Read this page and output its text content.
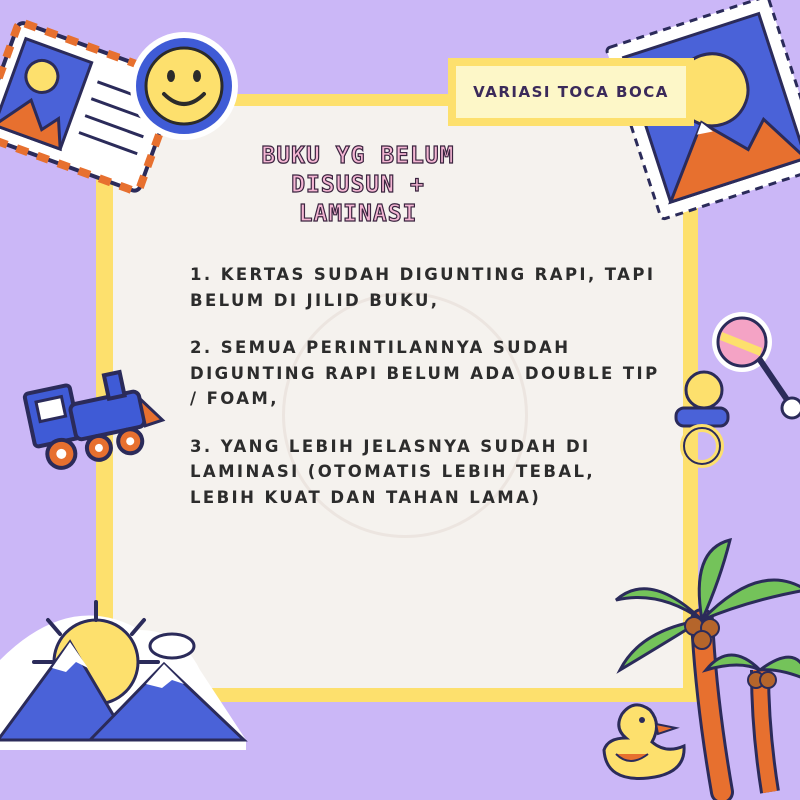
VARIASI TOCA BOCA
BUKU YG BELUM
DISUSUN +
LAMINASI

1. KERTAS SUDAH DIGUNTING RAPI, TAPI BELUM DI JILID BUKU,

2. SEMUA PERINTILANNYA SUDAH DIGUNTING RAPI BELUM ADA DOUBLE TIP / FOAM,

3. YANG LEBIH JELASNYA SUDAH DI LAMINASI (OTOMATIS LEBIH TEBAL, LEBIH KUAT DAN TAHAN LAMA)
